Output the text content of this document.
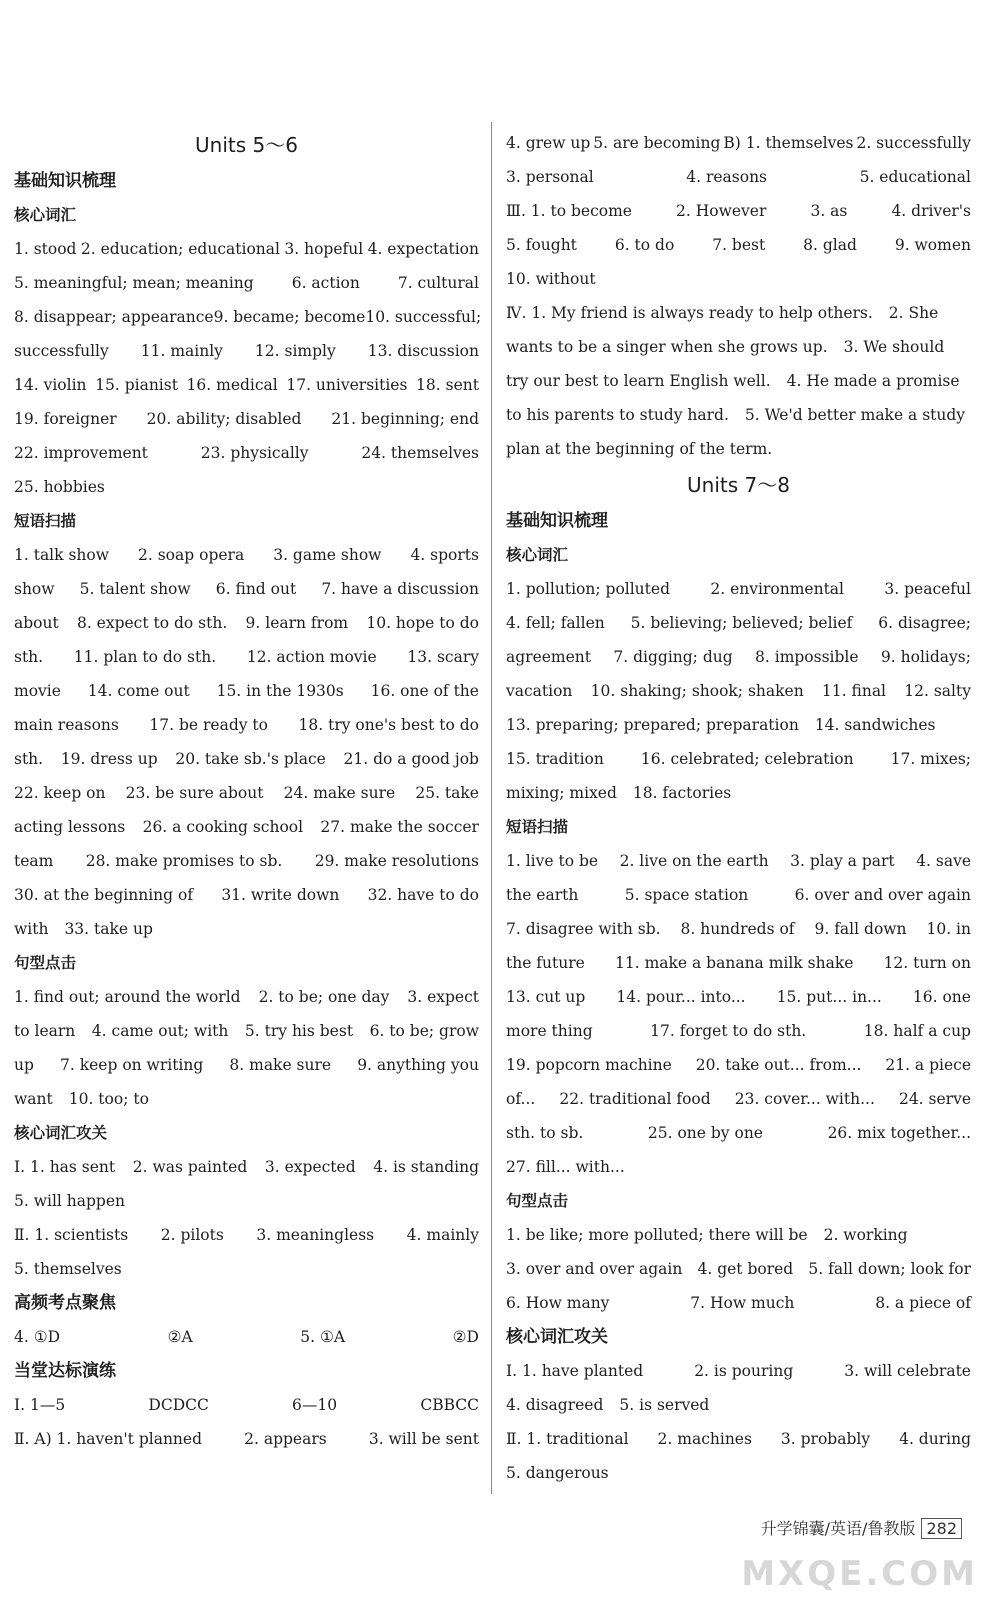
Units 5～6
基础知识梳理
核心词汇
1. stood 2. education; educational 3. hopeful 4. expectation
5. meaningful; mean; meaning 6. action 7. cultural
8. disappear; appearance 9. became; become 10. successful;
successfully 11. mainly 12. simply 13. discussion
14. violin 15. pianist 16. medical 17. universities 18. sent
19. foreigner 20. ability; disabled 21. beginning; end
22. improvement	23. physically	24. themselves
25. hobbies
短语扫描
1. talk show 2. soap opera 3. game show 4. sports
show 5. talent show 6. find out 7. have a discussion
about 8. expect to do sth. 9. learn from 10. hope to do
sth. 11. plan to do sth. 12. action movie 13. scary
movie 14. come out 15. in the 1930s 16. one of the
main reasons 17. be ready to 18. try one's best to do
sth. 19. dress up 20. take sb.'s place 21. do a good job
22. keep on 23. be sure about 24. make sure 25. take
acting lessons 26. a cooking school 27. make the soccer
team 28. make promises to sb. 29. make resolutions
30. at the beginning of 31. write down 32. have to do
with 33. take up
句型点击
1. find out; around the world 2. to be; one day 3. expect
to learn 4. came out; with 5. try his best 6. to be; grow
up 7. keep on writing 8. make sure 9. anything you
want 10. too; to
核心词汇攻关
Ⅰ. 1. has sent 2. was painted 3. expected 4. is standing
5. will happen
Ⅱ. 1. scientists 2. pilots 3. meaningless 4. mainly
5. themselves
高频考点聚焦
4. ①D	②A	5. ①A	②D
当堂达标演练
Ⅰ. 1—5	DCDCC	6—10	CBBCC
Ⅱ. A) 1. haven't planned	2. appears	3. will be sent
4. grew up 5. are becoming B) 1. themselves 2. successfully
3. personal	4. reasons	5. educational
Ⅲ. 1. to become	2. However	3. as	4. driver's
5. fought 6. to do 7. best 8. glad 9. women
10. without
Ⅳ. 1. My friend is always ready to help others. 2. She
wants to be a singer when she grows up. 3. We should
try our best to learn English well. 4. He made a promise
to his parents to study hard. 5. We'd better make a study
plan at the beginning of the term.
Units 7～8
基础知识梳理
核心词汇
1. pollution; polluted	2. environmental	3. peaceful
4. fell; fallen 5. believing; believed; belief 6. disagree;
agreement 7. digging; dug 8. impossible 9. holidays;
vacation 10. shaking; shook; shaken 11. final 12. salty
13. preparing; prepared; preparation 14. sandwiches
15. tradition 16. celebrated; celebration 17. mixes;
mixing; mixed 18. factories
短语扫描
1. live to be 2. live on the earth 3. play a part 4. save
the earth	5. space station	6. over and over again
7. disagree with sb. 8. hundreds of 9. fall down 10. in
the future 11. make a banana milk shake 12. turn on
13. cut up 14. pour... into... 15. put... in... 16. one
more thing	17. forget to do sth.	18. half a cup
19. popcorn machine 20. take out... from... 21. a piece
of... 22. traditional food 23. cover... with... 24. serve
sth. to sb.	25. one by one	26. mix together...
27. fill... with...
句型点击
1. be like; more polluted; there will be 2. working
3. over and over again 4. get bored 5. fall down; look for
6. How many	7. How much	8. a piece of
核心词汇攻关
Ⅰ. 1. have planted	2. is pouring	3. will celebrate
4. disagreed 5. is served
Ⅱ. 1. traditional 2. machines 3. probably 4. during
5. dangerous
升学锦囊/英语/鲁教版 282
MXQE.COM
